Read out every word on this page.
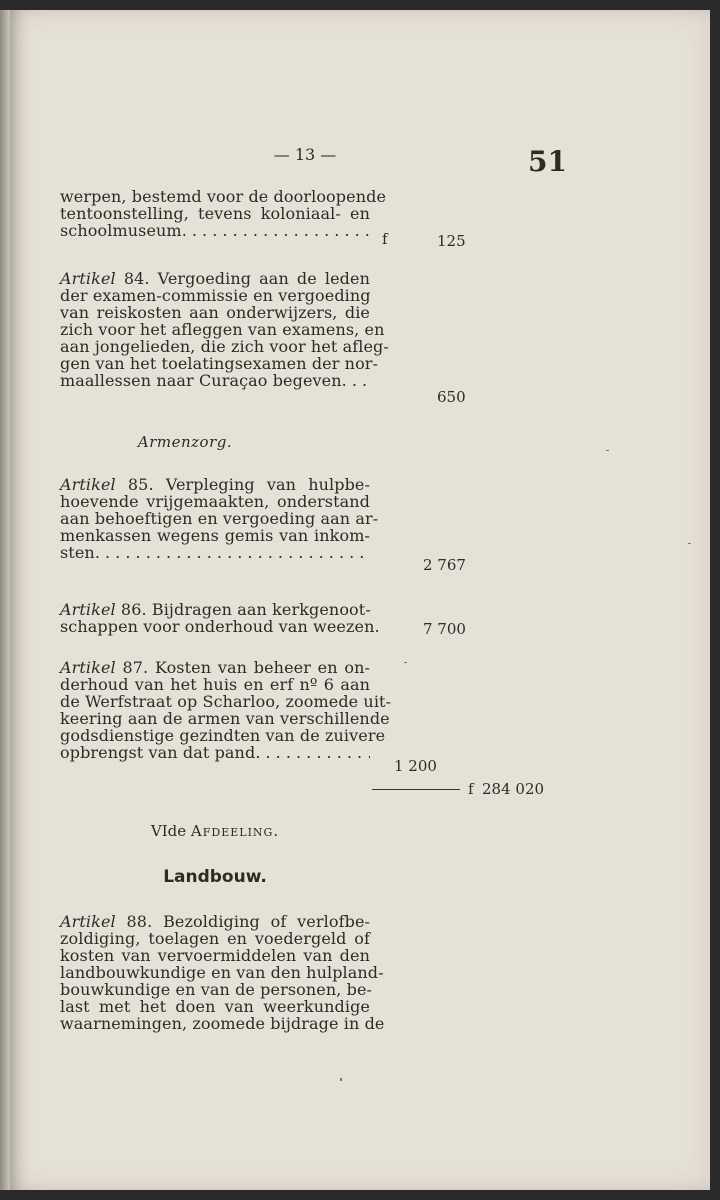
— 13 —	51
werpen, bestemd voor de doorloopende
tentoonstelling, tevens koloniaal- en
schoolmuseum
. . .	f	125
Artikel 84. Vergoeding aan de leden
der examen-commissie en vergoeding
van reiskosten aan onderwijzers, die
zich voor het afleggen van examens, en
aan jongelieden, die zich voor het afleg-
gen van het toelatingsexamen der nor-
maallessen naar Curaçao begeven
. . .
650
Armenzorg.
Artikel 85. Verpleging van hulpbe-
hoevende vrijgemaakten, onderstand
aan behoeftigen en vergoeding aan ar-
menkassen wegens gemis van inkom-
sten
. . .
2 767
Artikel 86. Bijdragen aan kerkgenoot-
schappen voor onderhoud van weezen.	7 700
Artikel 87. Kosten van beheer en on-
derhoud van het huis en erf nº 6 aan
de Werfstraat op Scharloo, zoomede uit-
keering aan de armen van verschillende
godsdienstige gezindten van de zuivere
opbrengst van dat pand
. . .
1 200
f 284 020
VIde Afdeeling.
Landbouw.
Artikel 88. Bezoldiging of verlofbe-
zoldiging, toelagen en voedergeld of
kosten van vervoermiddelen van den
landbouwkundige en van den hulpland-
bouwkundige en van de personen, be-
last met het doen van weerkundige
waarnemingen, zoomede bijdrage in de
